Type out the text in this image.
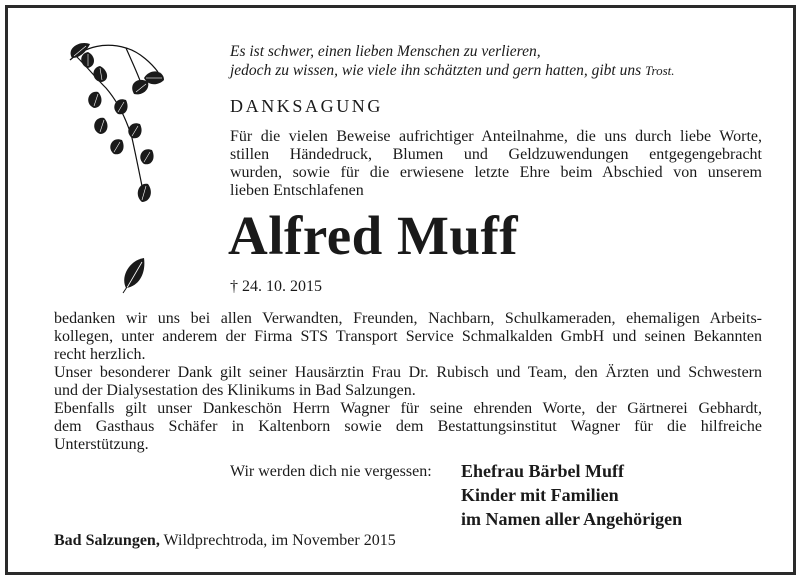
Es ist schwer, einen lieben Menschen zu verlieren,
jedoch zu wissen, wie viele ihn schätzten und gern hatten, gibt uns Trost.
DANKSAGUNG
Für die vielen Beweise aufrichtiger Anteilnahme, die uns durch liebe Worte,
stillen Händedruck, Blumen und Geldzuwendungen entgegengebracht
wurden, sowie für die erwiesene letzte Ehre beim Abschied von unserem
lieben Entschlafenen
Alfred Muff
† 24. 10. 2015
bedanken wir uns bei allen Verwandten, Freunden, Nachbarn, Schulkameraden, ehemaligen Arbeits-
kollegen, unter anderem der Firma STS Transport Service Schmalkalden GmbH und seinen Bekannten
recht herzlich.
Unser besonderer Dank gilt seiner Hausärztin Frau Dr. Rubisch und Team, den Ärzten und Schwestern
und der Dialysestation des Klinikums in Bad Salzungen.
Ebenfalls gilt unser Dankeschön Herrn Wagner für seine ehrenden Worte, der Gärtnerei Gebhardt,
dem Gasthaus Schäfer in Kaltenborn sowie dem Bestattungsinstitut Wagner für die hilfreiche
Unterstützung.
Wir werden dich nie vergessen: Ehefrau Bärbel Muff
Kinder mit Familien
im Namen aller Angehörigen
Bad Salzungen, Wildprechtroda, im November 2015
